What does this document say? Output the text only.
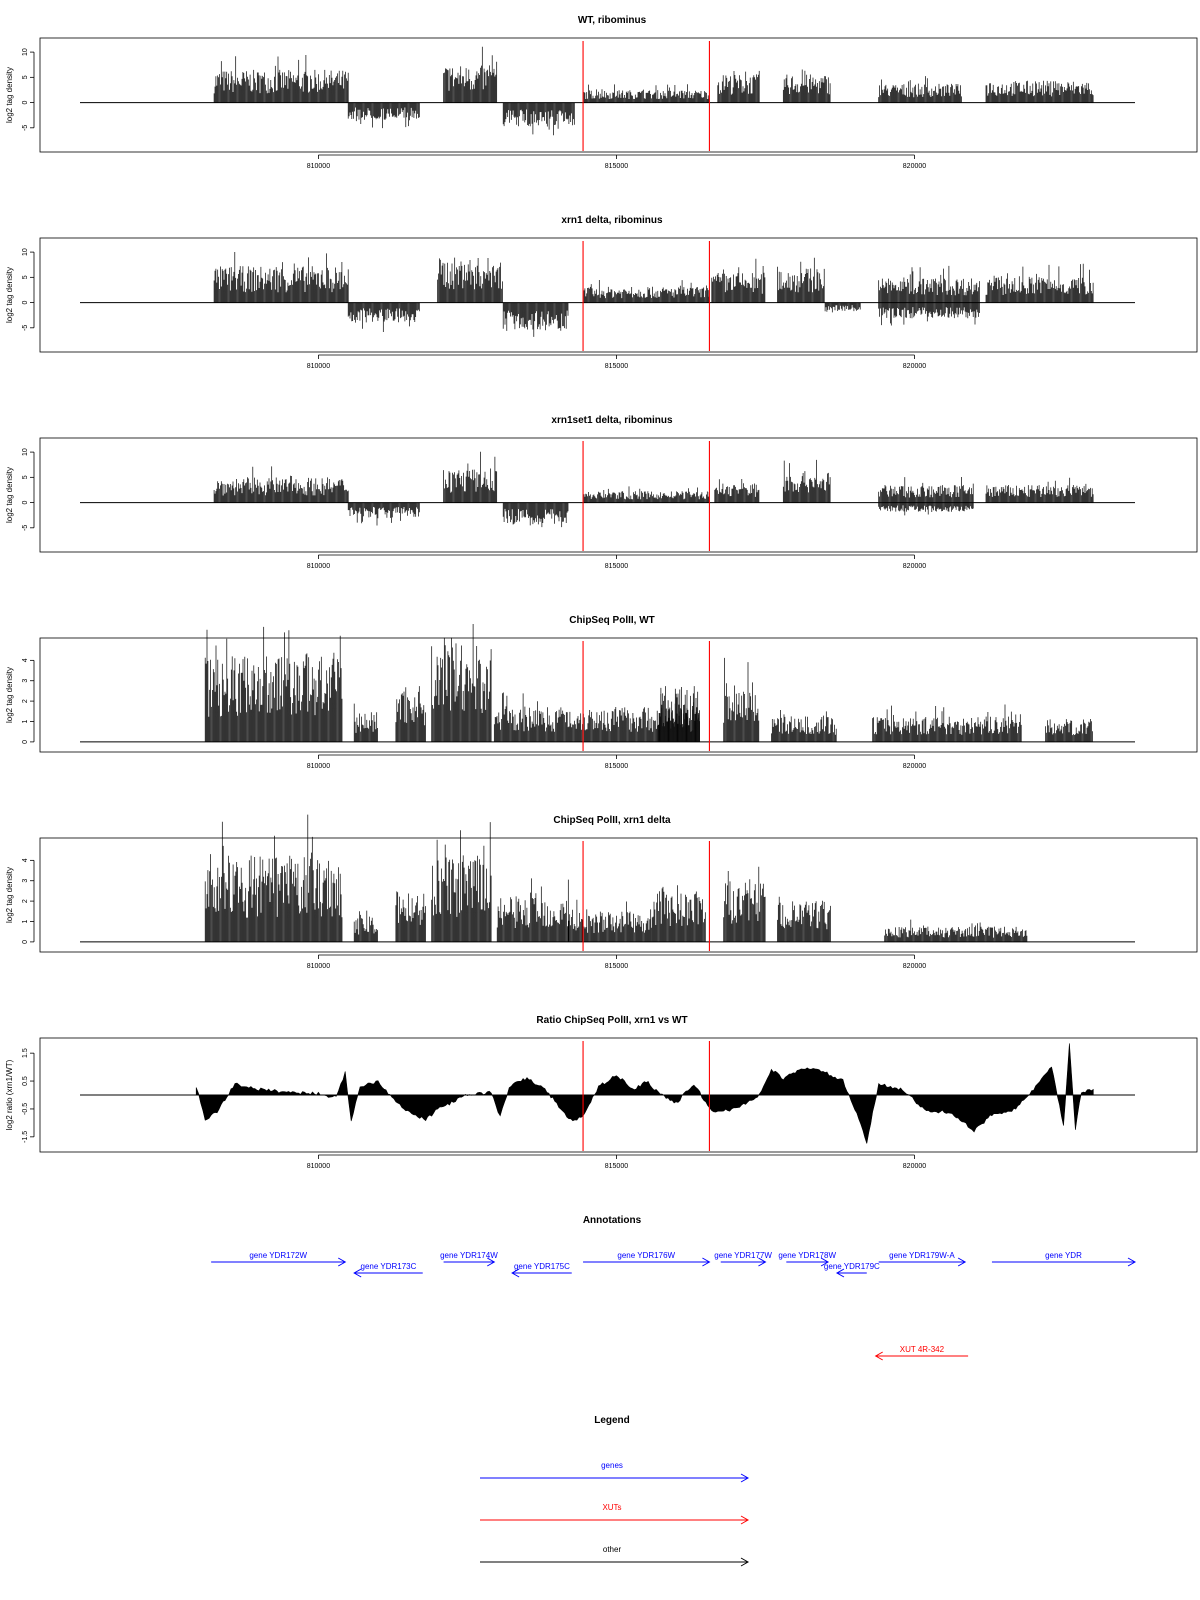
WT, ribominus
log2 tag density
810000	815000	820000
-5
0
5
10
xrn1 delta, ribominus
log2 tag density
810000	815000	820000
-5
0
5
10
xrn1set1 delta, ribominus
log2 tag density
810000	815000	820000
-5
0
5
10
ChipSeq PolII, WT
log2 tag density
810000	815000	820000
0
1
2
3
4
ChipSeq PolII, xrn1 delta
log2 tag density
810000	815000	820000
0
1
2
3
4
Ratio ChipSeq PolII, xrn1 vs WT
log2 ratio (xrn1/WT)
810000	815000	820000
-1.5
-0.5
0.5
1.5
Annotations
gene YDR172W
gene YDR173C
gene YDR174W
gene YDR175C
gene YDR176W	gene YDR177W gene YDR178W
gene YDR179C
gene YDR179W-A	gene YDR
XUT 4R-342
Legend
genes
XUTs
other
